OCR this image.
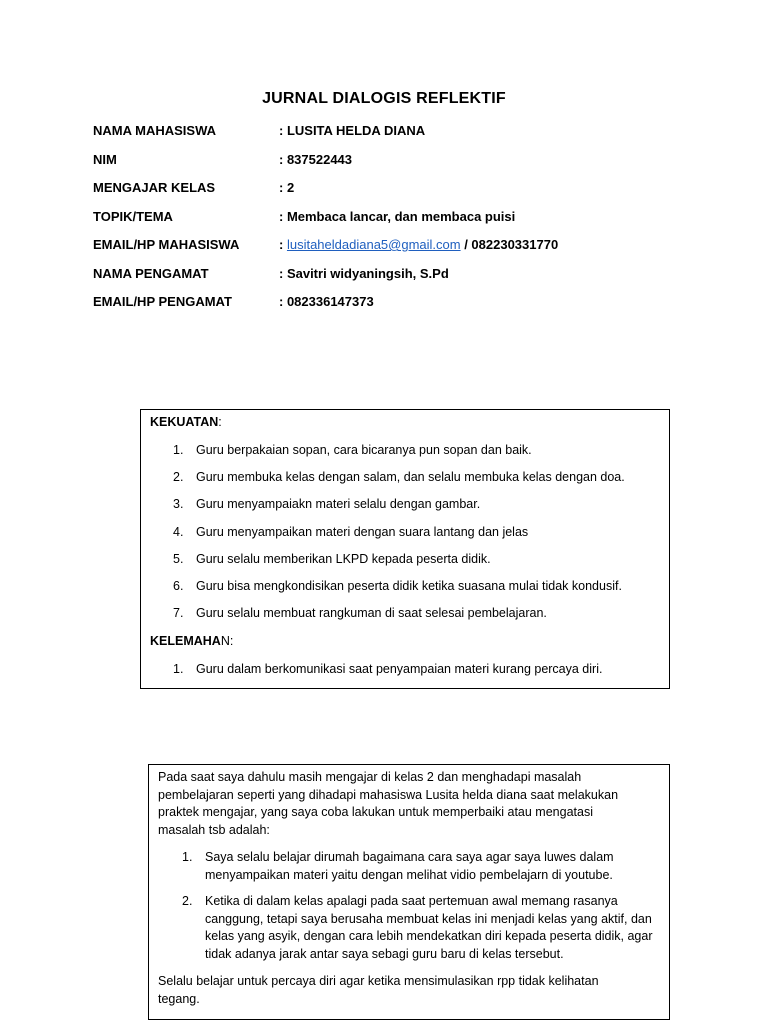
JURNAL DIALOGIS REFLEKTIF
NAMA MAHASISWA	: LUSITA HELDA DIANA
NIM	: 837522443
MENGAJAR KELAS	: 2
TOPIK/TEMA	: Membaca lancar, dan membaca puisi
EMAIL/HP MAHASISWA	: lusitaheldadiana5@gmail.com / 082230331770
NAMA PENGAMAT	: Savitri widyaningsih, S.Pd
EMAIL/HP PENGAMAT	: 082336147373
KEKUATAN:
1. Guru berpakaian sopan, cara bicaranya pun sopan dan baik.
2. Guru membuka kelas dengan salam, dan selalu membuka kelas dengan doa.
3. Guru menyampaiakn materi selalu dengan gambar.
4. Guru menyampaikan materi dengan suara lantang dan jelas
5. Guru selalu memberikan LKPD kepada peserta didik.
6. Guru bisa mengkondisikan peserta didik ketika suasana mulai tidak kondusif.
7. Guru selalu membuat rangkuman di saat selesai pembelajaran.
KELEMAHAN:
1. Guru dalam berkomunikasi saat penyampaian materi kurang percaya diri.
Pada saat saya dahulu masih mengajar di kelas 2 dan menghadapi masalah pembelajaran seperti yang dihadapi mahasiswa Lusita helda diana saat melakukan praktek mengajar, yang saya coba lakukan untuk memperbaiki atau mengatasi masalah tsb adalah:
1. Saya selalu belajar dirumah bagaimana cara saya agar saya luwes dalam menyampaikan materi yaitu dengan melihat vidio pembelajarn di youtube.
2. Ketika di dalam kelas apalagi pada saat pertemuan awal memang rasanya canggung, tetapi saya berusaha membuat kelas ini menjadi kelas yang aktif, dan kelas yang asyik, dengan cara lebih mendekatkan diri kepada peserta didik, agar tidak adanya jarak antar saya sebagi guru baru di kelas tersebut.
Selalu belajar untuk percaya diri agar ketika mensimulasikan rpp tidak kelihatan tegang.
